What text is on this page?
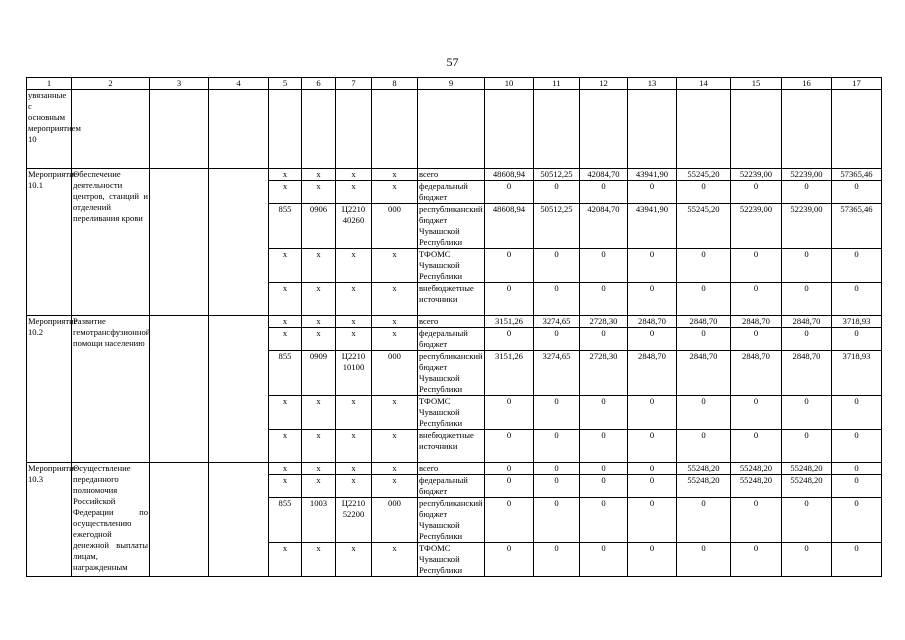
57
1	2	3	4	5	6	7	8	9	10	11	12	13	14	15	16	17
увязанные с основным мероприятием 10																
Мероприятие 10.1	Обеспечение деятельности центров, станций и отделений переливания крови			x	x	x	x	всего	48608,94	50512,25	42084,70	43941,90	55245,20	52239,00	52239,00	57365,46
				x	x	x	x	федеральный бюджет	0	0	0	0	0	0	0	0
				855	0906	Ц2210 40260	000	республиканский бюджет Чувашской Республики	48608,94	50512,25	42084,70	43941,90	55245,20	52239,00	52239,00	57365,46
				x	x	x	x	ТФОМС Чувашской Республики	0	0	0	0	0	0	0	0
				x	x	x	x	внебюджетные источники	0	0	0	0	0	0	0	0
Мероприятие 10.2	Развитие гемотрансфузионной помощи населению			x	x	x	x	всего	3151,26	3274,65	2728,30	2848,70	2848,70	2848,70	2848,70	3718,93
				x	x	x	x	федеральный бюджет	0	0	0	0	0	0	0	0
				855	0909	Ц2210 10100	000	республиканский бюджет Чувашской Республики	3151,26	3274,65	2728,30	2848,70	2848,70	2848,70	2848,70	3718,93
				x	x	x	x	ТФОМС Чувашской Республики	0	0	0	0	0	0	0	0
				x	x	x	x	внебюджетные источники	0	0	0	0	0	0	0	0
Мероприятие 10.3	Осуществление переданного полномочия Российской Федерации по осуществлению ежегодной денежной выплаты лицам, награжденным			x	x	x	x	всего	0	0	0	0	55248,20	55248,20	55248,20	0
				x	x	x	x	федеральный бюджет	0	0	0	0	55248,20	55248,20	55248,20	0
				855	1003	Ц2210 52200	000	республиканский бюджет Чувашской Республики	0	0	0	0	0	0	0	0
				x	x	x	x	ТФОМС Чувашской Республики	0	0	0	0	0	0	0	0
